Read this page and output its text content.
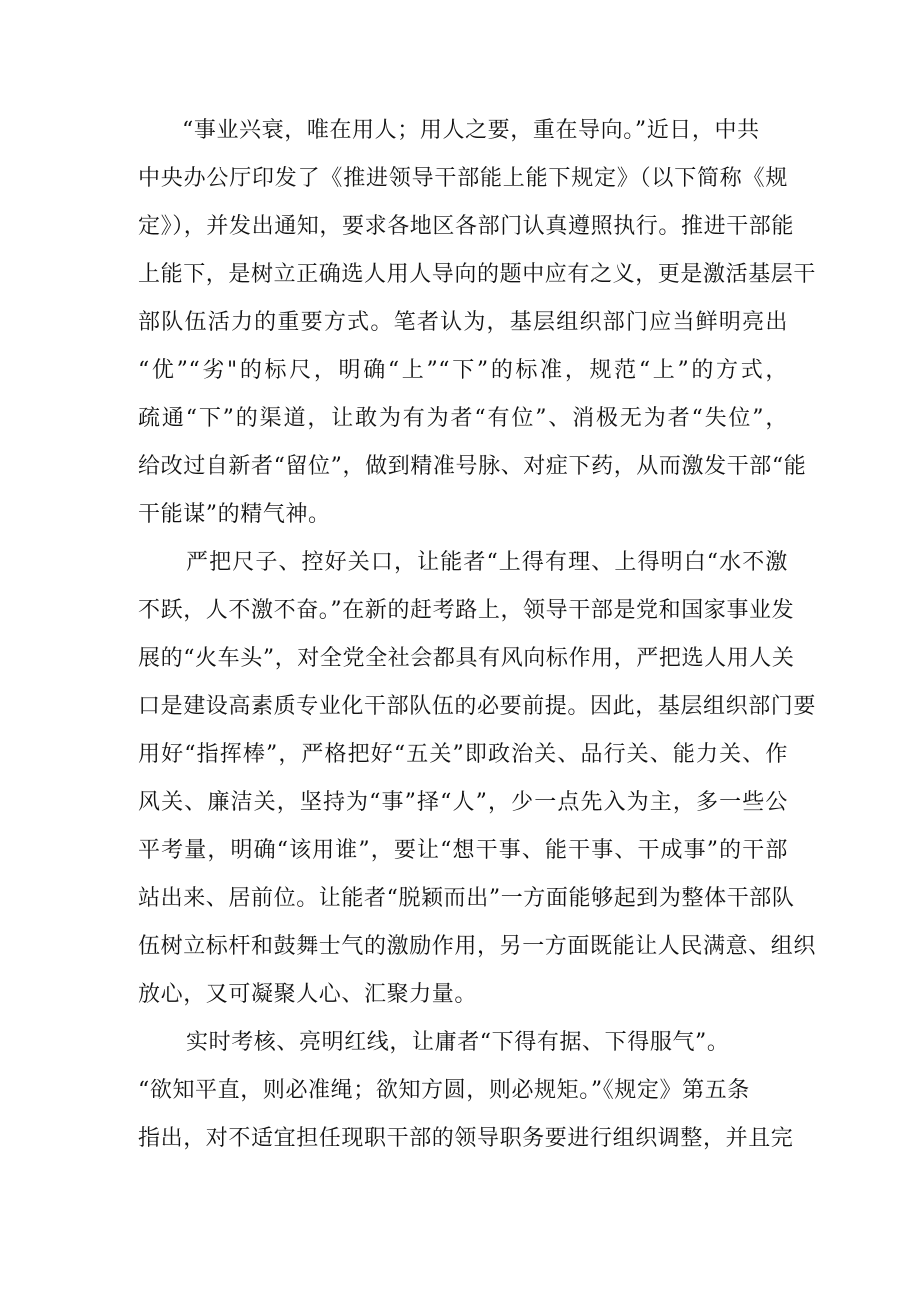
“事业兴衰，唯在用人；用人之要，重在导向。”近日，中共
中央办公厅印发了《推进领导干部能上能下规定》（以下简称《规
定》），并发出通知，要求各地区各部门认真遵照执行。推进干部能
上能下，是树立正确选人用人导向的题中应有之义，更是激活基层干
部队伍活力的重要方式。笔者认为，基层组织部门应当鲜明亮出
“优”“劣"的标尺，明确“上”“下”的标准，规范“上”的方式，
疏通“下”的渠道，让敢为有为者“有位”、消极无为者“失位”，
给改过自新者“留位”，做到精准号脉、对症下药，从而激发干部“能
干能谋”的精气神。
严把尺子、控好关口，让能者“上得有理、上得明白“水不激
不跃，人不激不奋。”在新的赶考路上，领导干部是党和国家事业发
展的“火车头”，对全党全社会都具有风向标作用，严把选人用人关
口是建设高素质专业化干部队伍的必要前提。因此，基层组织部门要
用好“指挥棒”，严格把好“五关”即政治关、品行关、能力关、作
风关、廉洁关，坚持为“事”择“人”，少一点先入为主，多一些公
平考量，明确“该用谁”，要让“想干事、能干事、干成事”的干部
站出来、居前位。让能者“脱颖而出”一方面能够起到为整体干部队
伍树立标杆和鼓舞士气的激励作用，另一方面既能让人民满意、组织
放心，又可凝聚人心、汇聚力量。
实时考核、亮明红线，让庸者“下得有据、下得服气”。
“欲知平直，则必准绳；欲知方圆，则必规矩。”《规定》第五条
指出，对不适宜担任现职干部的领导职务要进行组织调整，并且完
